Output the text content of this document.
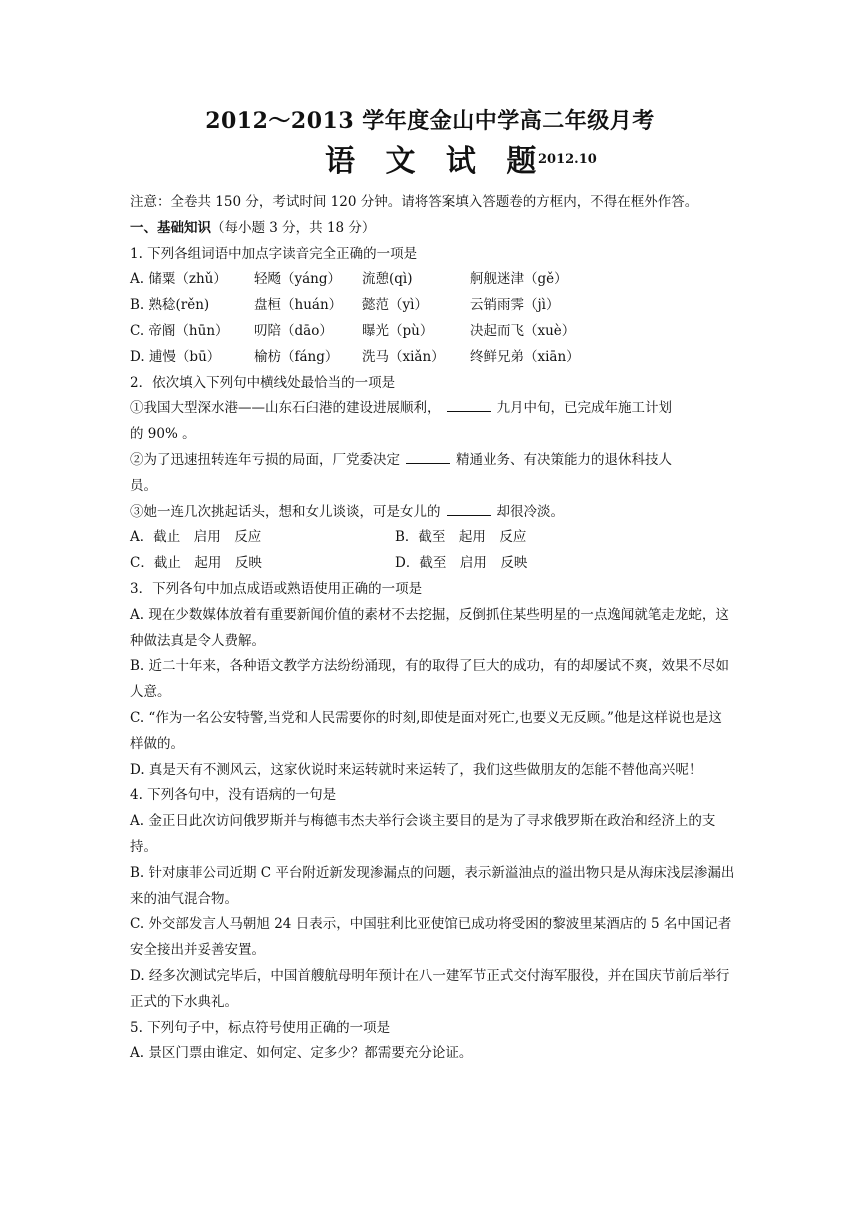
2012～2013 学年度金山中学高二年级月考
语 文 试 题
2012.10
注意：全卷共 150 分，考试时间 120 分钟。请将答案填入答题卷的方框内，不得在框外作答。
一、基础知识（每小题 3 分，共 18 分）
1. 下列各组词语中加点字读音完全正确的一项是
A. 储粟（zhǔ）	轻飏（yáng）	流憩(qì)	舸舰迷津（gě）
B. 熟稔(rěn)	盘桓（huán）	懿范（yì）	云销雨霁（jì）
C. 帝阍（hūn）	叨陪（dāo）	曝光（pù）	决起而飞（xuè）
D. 逋慢（bū）	榆枋（fáng）	洗马（xiǎn）	终鲜兄弟（xiān）
2．依次填入下列句中横线处最恰当的一项是
①我国大型深水港——山东石臼港的建设进展顺利，	九月中旬，已完成年施工计划
的 90% 。
②为了迅速扭转连年亏损的局面，厂党委决定	精通业务、有决策能力的退休科技人
员。
③她一连几次挑起话头，想和女儿谈谈，可是女儿的	却很冷淡。
A．截止　启用　反应	B．截至　起用　反应
C．截止　起用　反映	D．截至　启用　反映
3．下列各句中加点成语或熟语使用正确的一项是
A. 现在少数媒体放着有重要新闻价值的素材不去挖掘，反倒抓住某些明星的一点逸闻就笔走龙蛇，这种做法真是令人费解。
B. 近二十年来，各种语文教学方法纷纷涌现，有的取得了巨大的成功，有的却屡试不爽，效果不尽如人意。
C. “作为一名公安特警,当党和人民需要你的时刻,即使是面对死亡,也要义无反顾。”他是这样说也是这样做的。
D. 真是天有不测风云，这家伙说时来运转就时来运转了，我们这些做朋友的怎能不替他高兴呢！
4. 下列各句中，没有语病的一句是
A. 金正日此次访问俄罗斯并与梅德韦杰夫举行会谈主要目的是为了寻求俄罗斯在政治和经济上的支持。
B. 针对康菲公司近期 C 平台附近新发现渗漏点的问题，表示新溢油点的溢出物只是从海床浅层渗漏出来的油气混合物。
C. 外交部发言人马朝旭 24 日表示，中国驻利比亚使馆已成功将受困的黎波里某酒店的 5 名中国记者安全接出并妥善安置。
D. 经多次测试完毕后，中国首艘航母明年预计在八一建军节正式交付海军服役，并在国庆节前后举行正式的下水典礼。
5. 下列句子中，标点符号使用正确的一项是
A. 景区门票由谁定、如何定、定多少？都需要充分论证。
